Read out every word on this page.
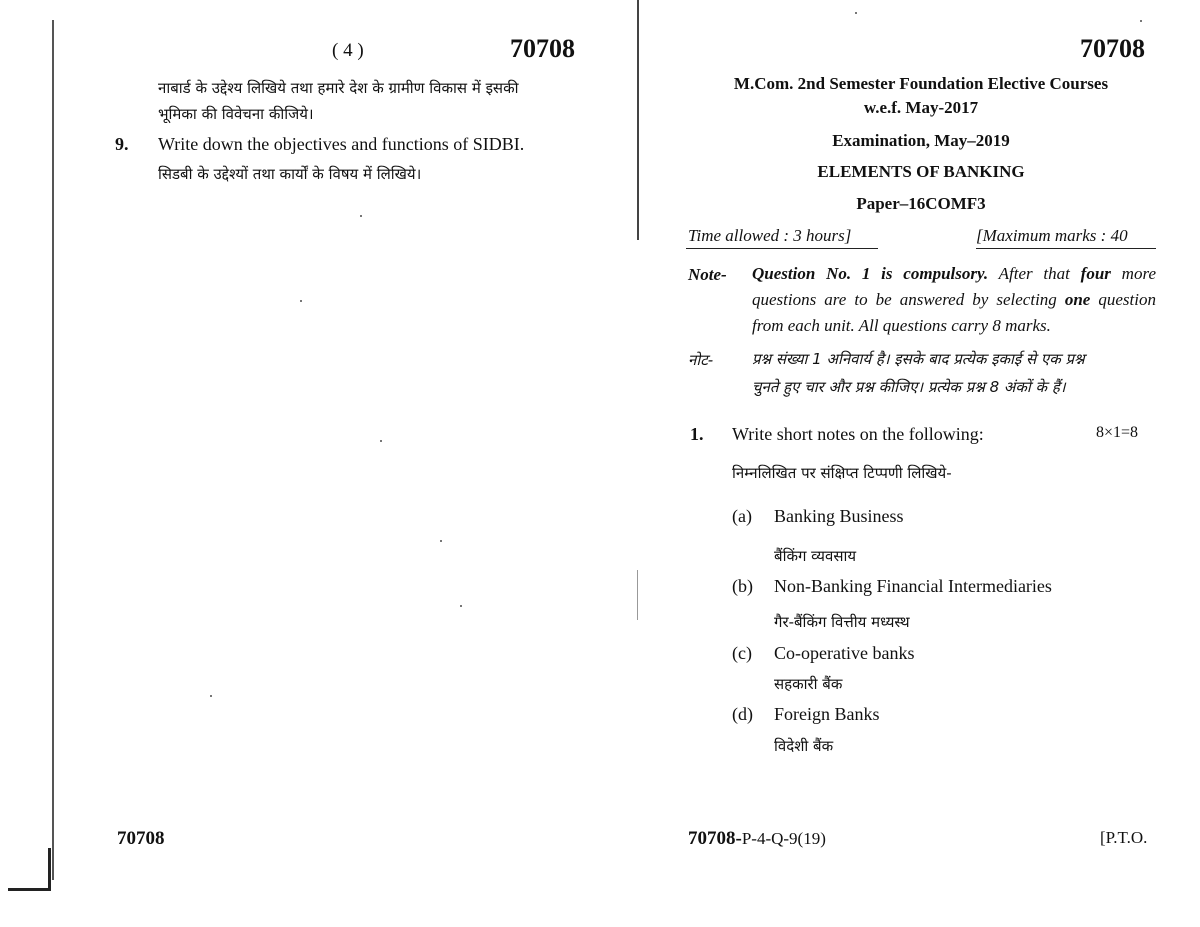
( 4 )	70708
नाबार्ड के उद्देश्य लिखिये तथा हमारे देश के ग्रामीण विकास में इसकी
भूमिका की विवेचना कीजिये।
9. Write down the objectives and functions of SIDBI.
सिडबी के उद्देश्यों तथा कार्यों के विषय में लिखिये।
70708
70708
M.Com. 2nd Semester Foundation Elective Courses
w.e.f. May-2017
Examination, May–2019
ELEMENTS OF BANKING
Paper–16COMF3
Time allowed : 3 hours]	[Maximum marks : 40
Note- Question No. 1 is compulsory. After that four more questions are to be answered by selecting one question from each unit. All questions carry 8 marks.
नोट-	प्रश्न संख्या 1 अनिवार्य है। इसके बाद प्रत्येक इकाई से एक प्रश्न
चुनते हुए चार और प्रश्न कीजिए। प्रत्येक प्रश्न 8 अंकों के हैं।
1. Write short notes on the following:	8×1=8
निम्नलिखित पर संक्षिप्त टिप्पणी लिखिये-
(a) Banking Business
बैंकिंग व्यवसाय
(b) Non-Banking Financial Intermediaries
गैर-बैंकिंग वित्तीय मध्यस्थ
(c) Co-operative banks
सहकारी बैंक
(d) Foreign Banks
विदेशी बैंक
70708-P-4-Q-9(19)	[P.T.O.
